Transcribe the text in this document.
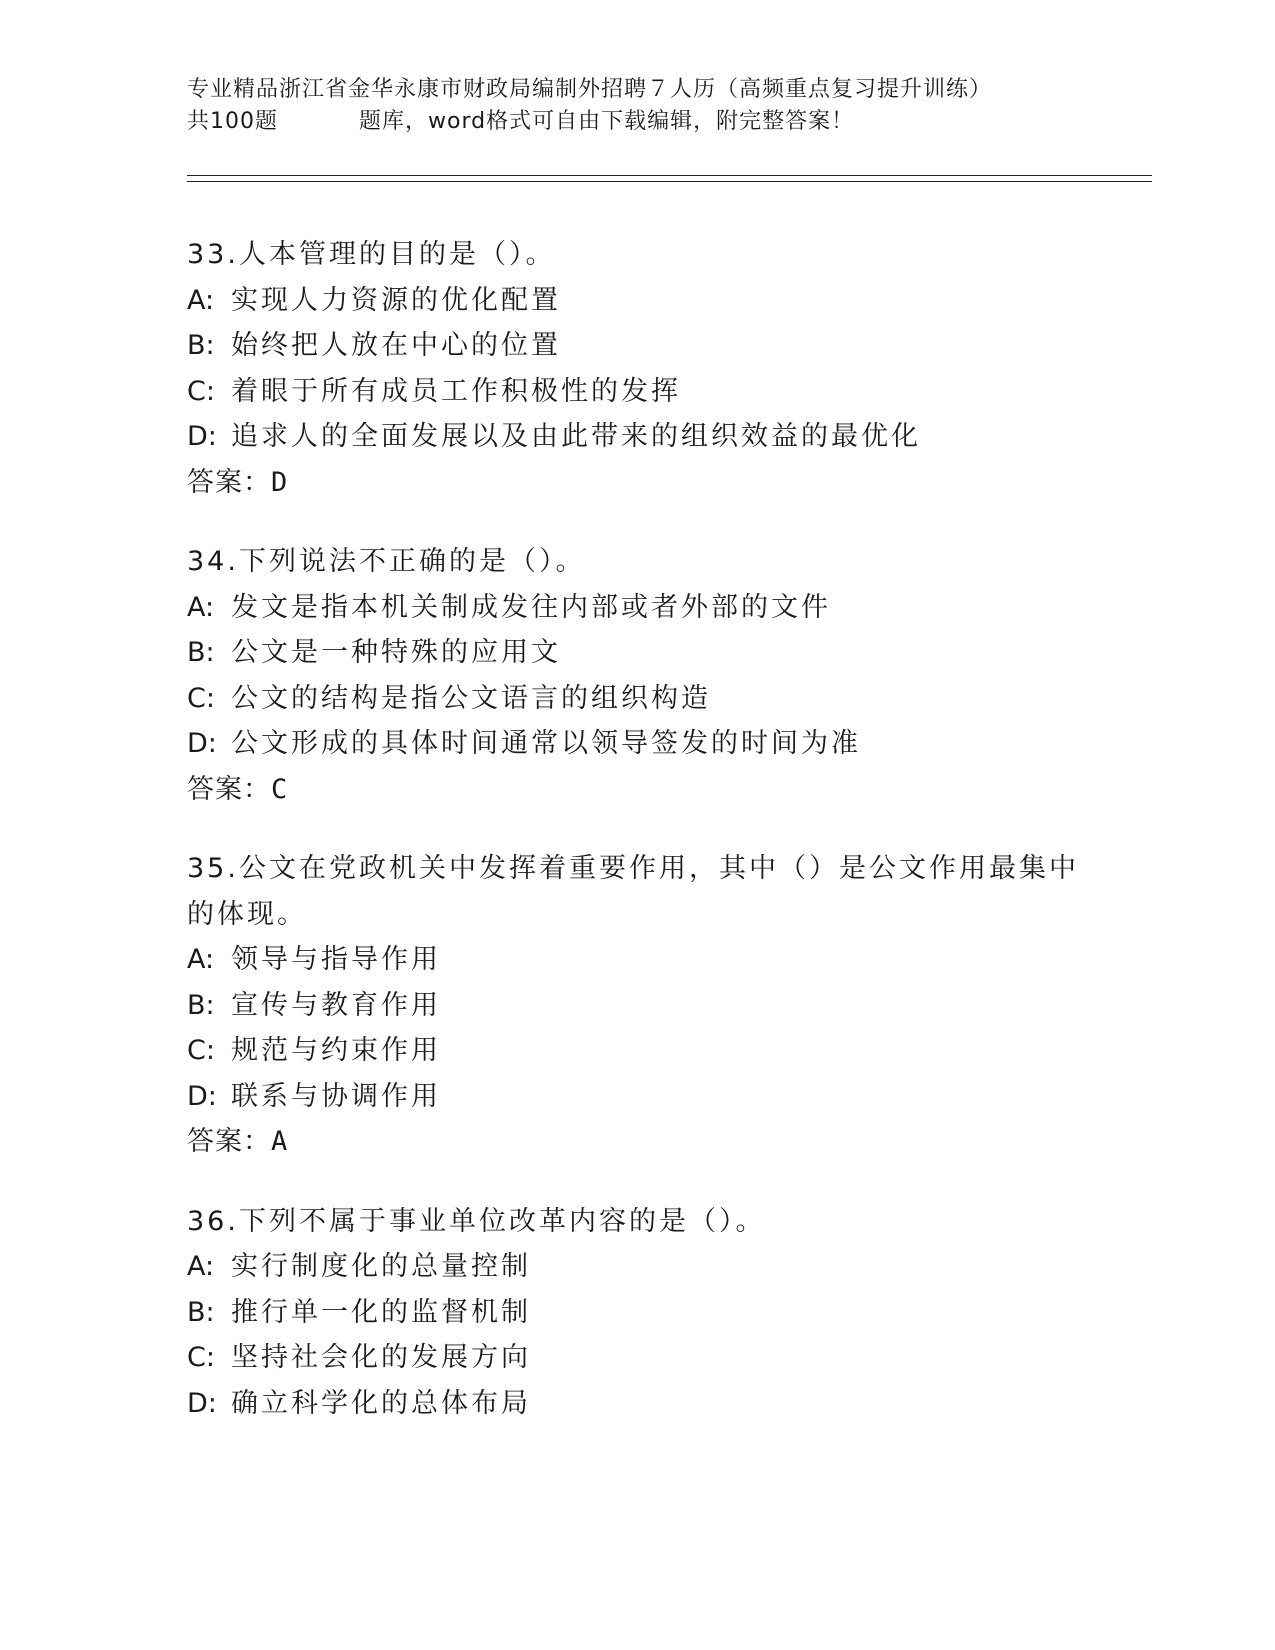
专业精品浙江省金华永康市财政局编制外招聘７人历（高频重点复习提升训练）
共100题	题库，word格式可自由下载编辑，附完整答案！
33.人本管理的目的是（）。
A: 实现人力资源的优化配置
B: 始终把人放在中心的位置
C: 着眼于所有成员工作积极性的发挥
D: 追求人的全面发展以及由此带来的组织效益的最优化
答案：D
34.下列说法不正确的是（）。
A: 发文是指本机关制成发往内部或者外部的文件
B: 公文是一种特殊的应用文
C: 公文的结构是指公文语言的组织构造
D: 公文形成的具体时间通常以领导签发的时间为准
答案：C
35.公文在党政机关中发挥着重要作用，其中（）是公文作用最集中的体现。
A: 领导与指导作用
B: 宣传与教育作用
C: 规范与约束作用
D: 联系与协调作用
答案：A
36.下列不属于事业单位改革内容的是（）。
A: 实行制度化的总量控制
B: 推行单一化的监督机制
C: 坚持社会化的发展方向
D: 确立科学化的总体布局
